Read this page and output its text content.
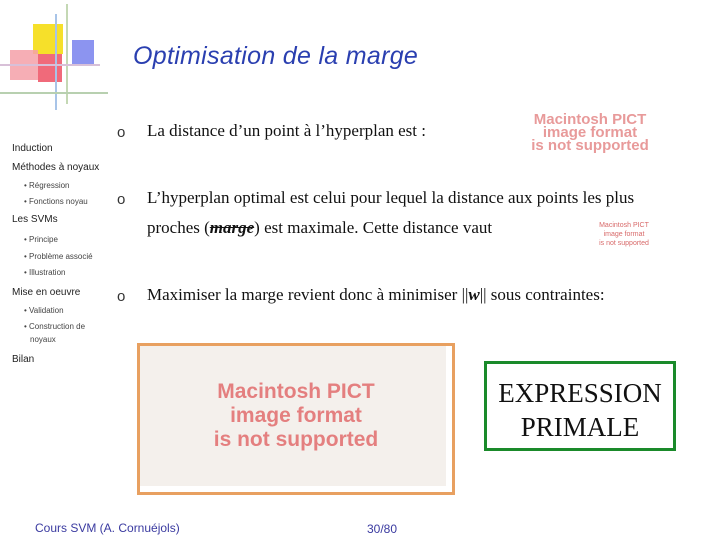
Optimisation de la marge
Induction
Méthodes à noyaux
• Régression
• Fonctions noyau
Les SVMs
• Principe
• Problème associé
• Illustration
Mise en oeuvre
• Validation
• Construction de
noyaux
Bilan
o La distance d’un point à l’hyperplan est :
Macintosh PICT
image format
is not supported
o L’hyperplan optimal est celui pour lequel la distance aux points les plus
proches (marge) est maximale. Cette distance vaut	Macintosh PICT
image format
is not supported
o Maximiser la marge revient donc à minimiser ||w|| sous contraintes:
Macintosh PICT
image format
is not supported
EXPRESSION
PRIMALE
Cours SVM (A. Cornuéjols)	30/80
